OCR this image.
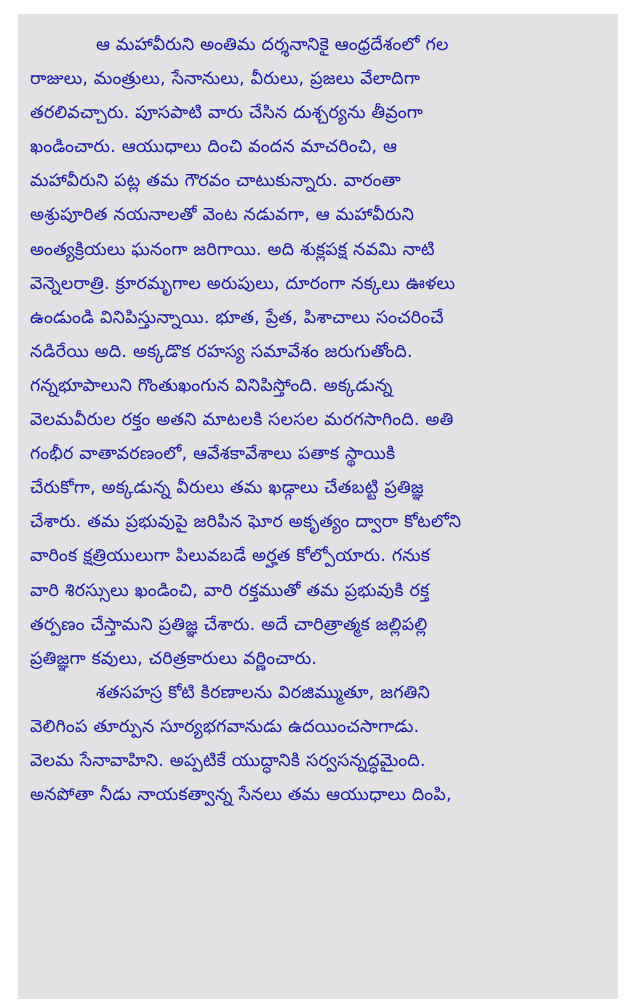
ఆ మహావీరుని అంతిమ దర్శనానికై ఆంధ్రదేశంలో గల
రాజులు, మంత్రులు, సేనానులు, వీరులు, ప్రజలు వేలాదిగా
తరలివచ్చారు. పూసపాటి వారు చేసిన దుశ్చర్యను తీవ్రంగా
ఖండించారు. ఆయుధాలు దించి వందన మాచరించి, ఆ
మహావీరుని పట్ల తమ గౌరవం చాటుకున్నారు. వారంతా
అశ్రుపూరిత నయనాలతో వెంట నడువగా, ఆ మహావీరుని
అంత్యక్రియలు ఘనంగా జరిగాయి. అది శుక్లపక్ష నవమి నాటి
వెన్నెలరాత్రి. క్రూరమృగాల అరుపులు, దూరంగా నక్కలు ఊళలు
ఉండుండి వినిపిస్తున్నాయి. భూత, ప్రేత, పిశాచాలు సంచరించే
నడిరేయి అది. అక్కడొక రహస్య సమావేశం జరుగుతోంది.
గన్నభూపాలుని గొంతుఖంగున వినిపిస్తోంది. అక్కడున్న
వెలమవీరుల రక్తం అతని మాటలకి సలసల మరగసాగింది. అతి
గంభీర వాతావరణంలో, ఆవేశకావేశాలు పతాక స్థాయికి
చేరుకోగా, అక్కడున్న వీరులు తమ ఖడ్గాలు చేతబట్టి ప్రతిజ్ఞ
చేశారు. తమ ప్రభువుపై జరిపిన ఘోర అకృత్యం ద్వారా కోటలోని
వారింక క్షత్రియులుగా పిలువబడే అర్హత కోల్పోయారు. గనుక
వారి శిరస్సులు ఖండించి, వారి రక్తముతో తమ ప్రభువుకి రక్త
తర్పణం చేస్తామని ప్రతిజ్ఞ చేశారు. అదే చారిత్రాత్మక జల్లిపల్లి
ప్రతిజ్ఞగా కవులు, చరిత్రకారులు వర్ణించారు.
శతసహస్ర కోటి కిరణాలను విరజిమ్ముతూ, జగతిని
వెలిగింప తూర్పున సూర్యభగవానుడు ఉదయించసాగాడు.
వెలమ సేనావాహిని. అప్పటికే యుద్ధానికి సర్వసన్నద్ధమైంది.
అనపోతా నీడు నాయకత్వాన్న సేనలు తమ ఆయుధాలు దింపి,
